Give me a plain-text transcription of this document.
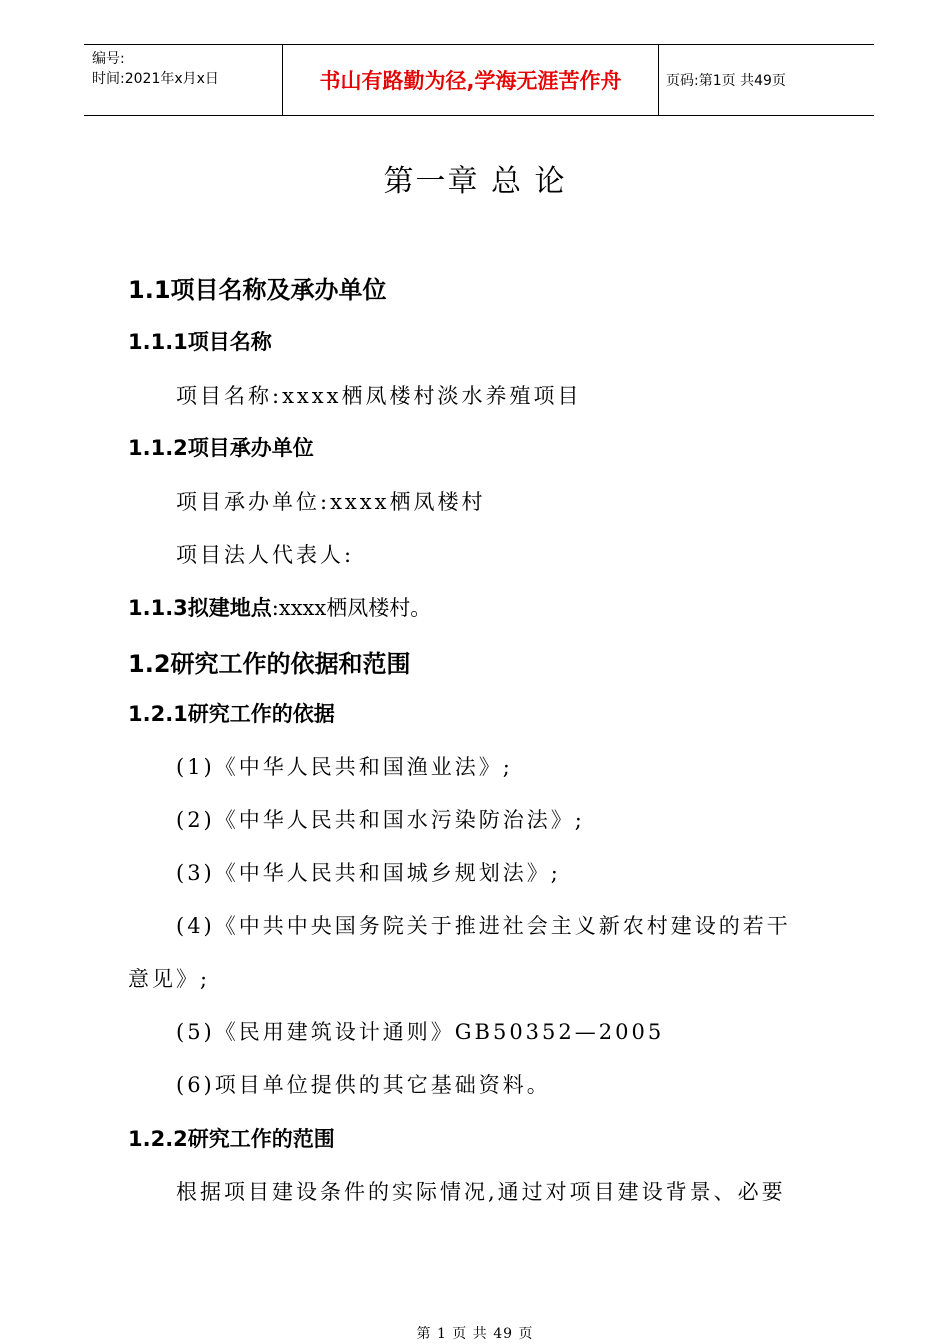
编号:
时间:2021年x月x日	书山有路勤为径,学海无涯苦作舟	页码:第1页 共49页
第一章 总 论
1.1项目名称及承办单位
1.1.1项目名称
项目名称:xxxx栖凤楼村淡水养殖项目
1.1.2项目承办单位
项目承办单位:xxxx栖凤楼村
项目法人代表人:
1.1.3拟建地点:xxxx栖凤楼村。
1.2研究工作的依据和范围
1.2.1研究工作的依据
(1)《中华人民共和国渔业法》;
(2)《中华人民共和国水污染防治法》;
(3)《中华人民共和国城乡规划法》;
(4)《中共中央国务院关于推进社会主义新农村建设的若干
意见》;
(5)《民用建筑设计通则》GB50352—2005
(6)项目单位提供的其它基础资料。
1.2.2研究工作的范围
根据项目建设条件的实际情况,通过对项目建设背景、必要
第 1 页 共 49 页
